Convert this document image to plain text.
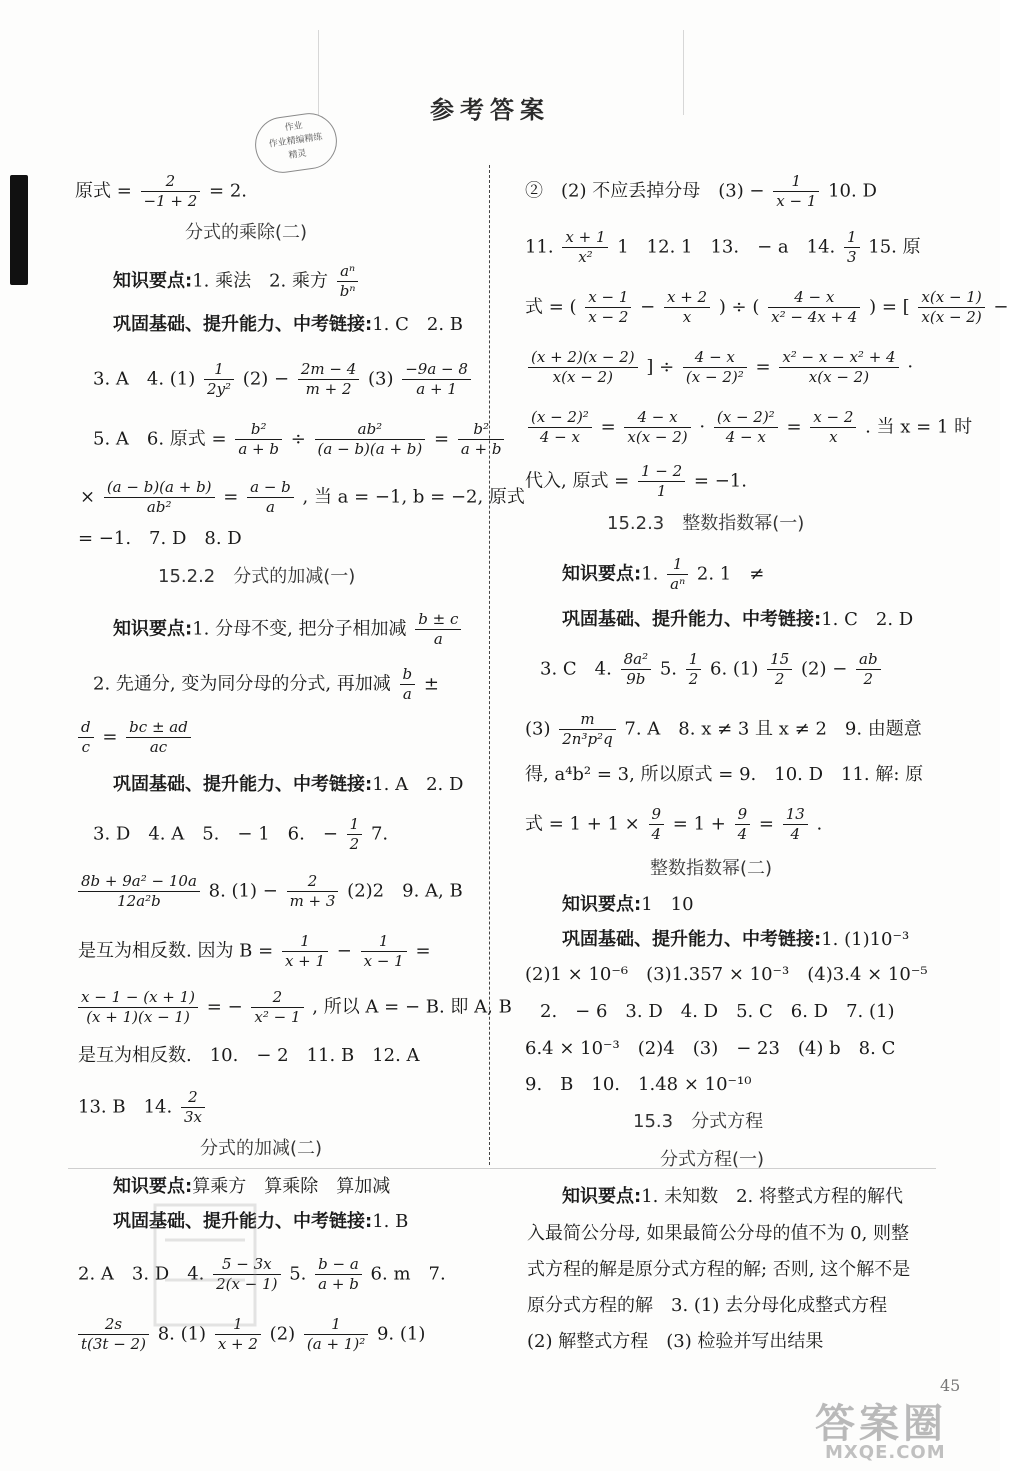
参考答案
作业
作业精编精练
精灵
原式 = $\frac{2}{-1 + 2} = 2$.
分式的乘除(二)
知识要点:1. 乘法　2. 乘方 $\frac{\text{aⁿ}}{\text{bⁿ}}$
巩固基础、提升能力、中考链接:1. C　2. B
3. A　4. $(1) \frac{1}{\text{2y²}} (2) - \frac{2m - 4}{m + 2} (3) \frac{-9a - 8}{a + 1}$
5. A　6. 原式 = $\frac{\text{b²}}{a + b} \div \frac{\text{ab²}}{(a - b)(a + b)} = \frac{\text{b²}}{a + b}$
× $\frac{(a - b)(a + b)}{\text{ab²}} = \frac{a - b}{a}$ , 当 a = −1, b = −2, 原式
= −1.　7. D　8. D
15.2.2　分式的加减(一)
知识要点:1. 分母不变, 把分子相加减 $\frac{b \pm c}{a}$
2. 先通分, 变为同分母的分式, 再加减 $\frac{b}{a}$ ±
$\frac{d}{c} = \frac{bc \pm ad}{ac}$
巩固基础、提升能力、中考链接:1. A　2. D
3. D　4. A　5.　− 1　6.　− $\frac{1}{2} 7$.
$\frac{\text{8b + 9a² − 10a}}{\text{12a²b}} 8$. $(1) - \frac{2}{m + 3} (2)2$　9. A, B
是互为相反数. 因为 $B = \frac{1}{x + 1} - \frac{1}{x - 1}$ =
$\frac{x - 1 - (x + 1)}{(x + 1)(x - 1)}$ = − $\frac{2}{\text{x² − 1}}$ , 所以 A = − B. 即 A, B
是互为相反数.　10.　− 2　11. B　12. A
13. B　14. $\frac{2}{3x}$
分式的加减(二)
知识要点:算乘方　算乘除　算加减
巩固基础、提升能力、中考链接:1. B
2. A　3. D　4. $\frac{5 - 3x}{2(x - 1)} 5$. $\frac{b - a}{a + b} 6$. m　7.
$\frac{2s}{t(3t - 2)} 8$. $(1) \frac{1}{x + 2} (2) \frac{1}{\text{(a + 1)²}} 9$. (1)
②　(2) 不应丢掉分母　$(3) - \frac{1}{x - 1} 10$. D
11. $\frac{x + 1}{\text{x²}} 1$　12. 1　13.　− a　14. $\frac{1}{3} 15$. 原
式 = ( $\frac{x - 1}{x - 2} - \frac{x + 2}{x}$ ) ÷ ( $\frac{4 - x}{\text{x² − 4x + 4}}$ ) = [ $\frac{x(x - 1)}{x(x - 2)}$ −
$\frac{(x + 2)(x - 2)}{x(x - 2)}$ ] ÷ $\frac{4 - x}{\text{(x − 2)²}} = \frac{\text{x² − x − x² + 4}}{x(x - 2)}$ ·
$\frac{\text{(x − 2)²}}{4 - x} = \frac{4 - x}{x(x - 2)} \cdot \frac{\text{(x − 2)²}}{4 - x} = \frac{x - 2}{x}$ . 当 x = 1 时
代入, 原式 = $\frac{1 - 2}{1} = -1$.
15.2.3　整数指数幂(一)
知识要点:1. $\frac{1}{\text{aⁿ}} 2$. 1　≠
巩固基础、提升能力、中考链接:1. C　2. D
3. C　4. $\frac{\text{8a²}}{9b} 5$. $\frac{1}{2} 6$. $(1) \frac{15}{2} (2) - \frac{ab}{2}$
$(3) \frac{m}{\text{2n³p²q}} 7$. A　8. x ≠ 3 且 x ≠ 2　9. 由题意
得, a⁴b² = 3, 所以原式 = 9.　10. D　11. 解: 原
式 = $1 + 1 \times \frac{9}{4} = 1 + \frac{9}{4} = \frac{13}{4}$ .
整数指数幂(二)
知识要点:1　10
巩固基础、提升能力、中考链接:1. (1)10⁻³
(2)1 × 10⁻⁶　(3)1.357 × 10⁻³　(4)3.4 × 10⁻⁵
2.　− 6　3. D　4. D　5. C　6. D　7. (1)
6.4 × 10⁻³　(2)4　(3)　− 23　(4) b　8. C
9.　B　10.　1.48 × 10⁻¹⁰
15.3　分式方程
分式方程(一)
知识要点:1. 未知数　2. 将整式方程的解代
入最简公分母, 如果最简公分母的值不为 0, 则整
式方程的解是原分式方程的解; 否则, 这个解不是
原分式方程的解　3. (1) 去分母化成整式方程
(2) 解整式方程　(3) 检验并写出结果
45
答案圈
MXQE.COM
